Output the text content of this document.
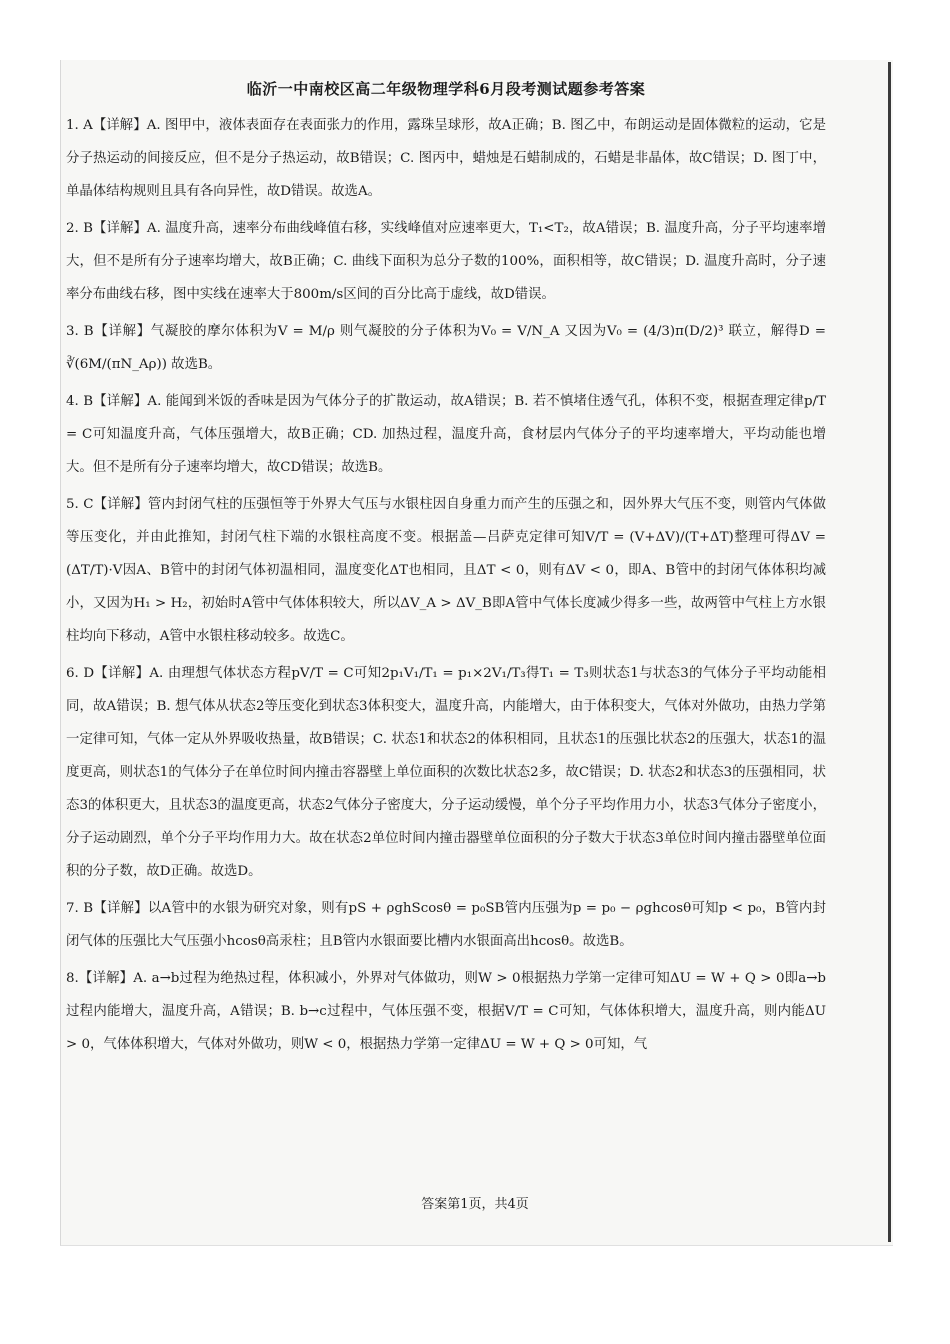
临沂一中南校区高二年级物理学科6月段考测试题参考答案
1. A【详解】A. 图甲中，液体表面存在表面张力的作用，露珠呈球形，故A正确；B. 图乙中，布朗运动是固体微粒的运动，它是分子热运动的间接反应，但不是分子热运动，故B错误；C. 图丙中，蜡烛是石蜡制成的，石蜡是非晶体，故C错误；D. 图丁中，单晶体结构规则且具有各向异性，故D错误。故选A。
2. B【详解】A. 温度升高，速率分布曲线峰值右移，实线峰值对应速率更大，T₁<T₂，故A错误；B. 温度升高，分子平均速率增大，但不是所有分子速率均增大，故B正确；C. 曲线下面积为总分子数的100%，面积相等，故C错误；D. 温度升高时，分子速率分布曲线右移，图中实线在速率大于800m/s区间的百分比高于虚线，故D错误。
3. B【详解】气凝胶的摩尔体积为V = M/ρ 则气凝胶的分子体积为V₀ = V/N_A 又因为V₀ = (4/3)π(D/2)³ 联立，解得D = ∛(6M/(πN_Aρ)) 故选B。
4. B【详解】A. 能闻到米饭的香味是因为气体分子的扩散运动，故A错误；B. 若不慎堵住透气孔，体积不变，根据查理定律p/T = C可知温度升高，气体压强增大，故B正确；CD. 加热过程，温度升高，食材层内气体分子的平均速率增大，平均动能也增大。但不是所有分子速率均增大，故CD错误；故选B。
5. C【详解】管内封闭气柱的压强恒等于外界大气压与水银柱因自身重力而产生的压强之和，因外界大气压不变，则管内气体做等压变化，并由此推知，封闭气柱下端的水银柱高度不变。根据盖—吕萨克定律可知V/T = (V+ΔV)/(T+ΔT)整理可得ΔV = (ΔT/T)·V因A、B管中的封闭气体初温相同，温度变化ΔT也相同，且ΔT < 0，则有ΔV < 0，即A、B管中的封闭气体体积均减小，又因为H₁ > H₂，初始时A管中气体体积较大，所以ΔV_A > ΔV_B即A管中气体长度减少得多一些，故两管中气柱上方水银柱均向下移动，A管中水银柱移动较多。故选C。
6. D【详解】A. 由理想气体状态方程pV/T = C可知2p₁V₁/T₁ = p₁×2V₁/T₃得T₁ = T₃则状态1与状态3的气体分子平均动能相同，故A错误；B. 想气体从状态2等压变化到状态3体积变大，温度升高，内能增大，由于体积变大，气体对外做功，由热力学第一定律可知，气体一定从外界吸收热量，故B错误；C. 状态1和状态2的体积相同，且状态1的压强比状态2的压强大，状态1的温度更高，则状态1的气体分子在单位时间内撞击容器壁上单位面积的次数比状态2多，故C错误；D. 状态2和状态3的压强相同，状态3的体积更大，且状态3的温度更高，状态2气体分子密度大，分子运动缓慢，单个分子平均作用力小，状态3气体分子密度小，分子运动剧烈，单个分子平均作用力大。故在状态2单位时间内撞击器壁单位面积的分子数大于状态3单位时间内撞击器壁单位面积的分子数，故D正确。故选D。
7. B【详解】以A管中的水银为研究对象，则有pS + ρghScosθ = p₀SB管内压强为p = p₀ − ρghcosθ可知p < p₀，B管内封闭气体的压强比大气压强小hcosθ高汞柱；且B管内水银面要比槽内水银面高出hcosθ。故选B。
8.【详解】A. a→b过程为绝热过程，体积减小，外界对气体做功，则W > 0根据热力学第一定律可知ΔU = W + Q > 0即a→b过程内能增大，温度升高，A错误；B. b→c过程中，气体压强不变，根据V/T = C可知，气体体积增大，温度升高，则内能ΔU > 0，气体体积增大，气体对外做功，则W < 0，根据热力学第一定律ΔU = W + Q > 0可知，气
答案第1页，共4页
